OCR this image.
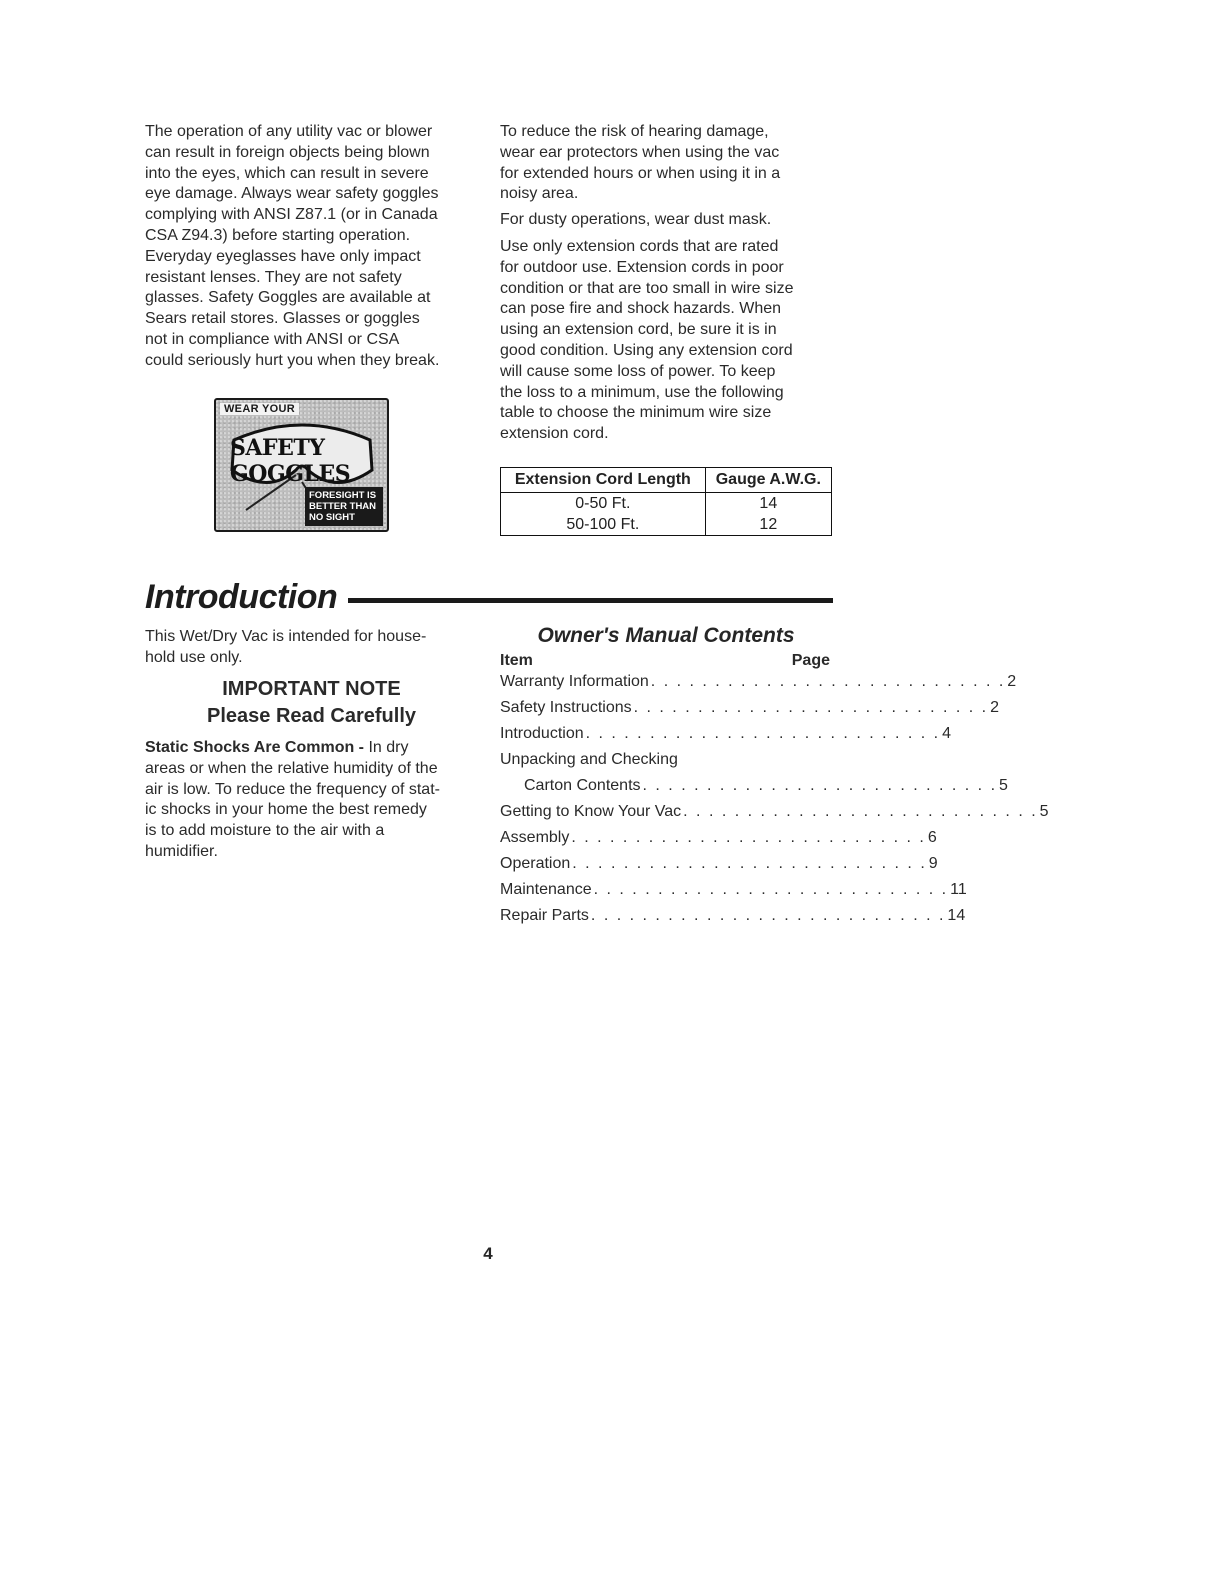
The operation of any utility vac or blower
can result in foreign objects being blown
into the eyes, which can result in severe
eye damage. Always wear safety goggles
complying with ANSI Z87.1 (or in Canada
CSA Z94.3) before starting operation.
Everyday eyeglasses have only impact
resistant lenses. They are not safety
glasses. Safety Goggles are available at
Sears retail stores. Glasses or goggles
not in compliance with ANSI or CSA
could seriously hurt you when they break.

WEAR YOUR
SAFETY GOGGLES
FORESIGHT IS
BETTER THAN
NO SIGHT

To reduce the risk of hearing damage,
wear ear protectors when using the vac
for extended hours or when using it in a
noisy area.

For dusty operations, wear dust mask.

Use only extension cords that are rated
for outdoor use. Extension cords in poor
condition or that are too small in wire size
can pose fire and shock hazards. When
using an extension cord, be sure it is in
good condition. Using any extension cord
will cause some loss of power. To keep
the loss to a minimum, use the following
table to choose the minimum wire size
extension cord.

Extension Cord Length	Gauge A.W.G.
0-50 Ft.	14
50-100 Ft.	12
Introduction

This Wet/Dry Vac is intended for house-
hold use only.

IMPORTANT NOTE
Please Read Carefully

Static Shocks Are Common - In dry
areas or when the relative humidity of the
air is low. To reduce the frequency of stat-
ic shocks in your home the best remedy
is to add moisture to the air with a
humidifier.

Owner's Manual Contents
Item	Page
Warranty Information . . . . . . . . . . . . . . . . . . . . . . . . . . . . 2
Safety Instructions . . . . . . . . . . . . . . . . . . . . . . . . . . . . 2
Introduction . . . . . . . . . . . . . . . . . . . . . . . . . . . . 4
Unpacking and Checking
Carton Contents . . . . . . . . . . . . . . . . . . . . . . . . . . . . 5
Getting to Know Your Vac . . . . . . . . . . . . . . . . . . . . . . . . . . . . 5
Assembly . . . . . . . . . . . . . . . . . . . . . . . . . . . . 6
Operation . . . . . . . . . . . . . . . . . . . . . . . . . . . . 9
Maintenance . . . . . . . . . . . . . . . . . . . . . . . . . . . . 11
Repair Parts . . . . . . . . . . . . . . . . . . . . . . . . . . . . 14
4
